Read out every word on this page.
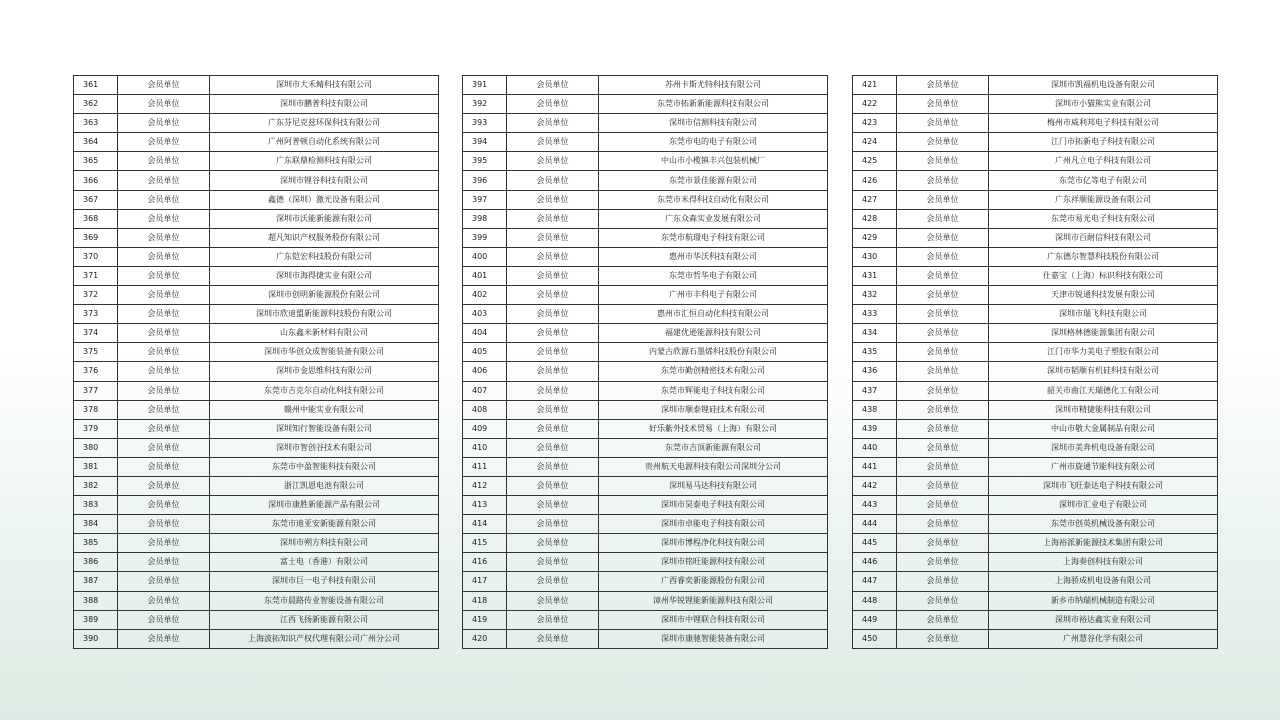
361	会员单位	深圳市大禾鲭科技有限公司
362	会员单位	深圳市鹏普科技有限公司
363	会员单位	广东芬尼克兹环保科技有限公司
364	会员单位	广州阿普顿自动化系统有限公司
365	会员单位	广东联鼎检测科技有限公司
366	会员单位	深圳市锂谷科技有限公司
367	会员单位	鑫德（深圳）激光设备有限公司
368	会员单位	深圳市沃能新能源有限公司
369	会员单位	超凡知识产权服务股份有限公司
370	会员单位	广东铠宏科技股份有限公司
371	会员单位	深圳市海得捷实业有限公司
372	会员单位	深圳市创明新能源股份有限公司
373	会员单位	深圳市欣迪盟新能源科技股份有限公司
374	会员单位	山东鑫米新材料有限公司
375	会员单位	深圳市华创众成智能装备有限公司
376	会员单位	深圳市金思维科技有限公司
377	会员单位	东莞市吉克尔自动化科技有限公司
378	会员单位	赣州中能实业有限公司
379	会员单位	深圳知行智能设备有限公司
380	会员单位	深圳市智创谷技术有限公司
381	会员单位	东莞市中盈智能科技有限公司
382	会员单位	浙江凯恩电池有限公司
383	会员单位	深圳市康胜新能源产品有限公司
384	会员单位	东莞市迪亚安新能源有限公司
385	会员单位	深圳市朔方科技有限公司
386	会员单位	富士电（香港）有限公司
387	会员单位	深圳市巨一电子科技有限公司
388	会员单位	东莞市晨路传业智能设备有限公司
389	会员单位	江西飞扬新能源有限公司
390	会员单位	上海波拓知识产权代理有限公司广州分公司
391	会员单位	苏州卡斯尤特科技有限公司
392	会员单位	东莞市拓新新能源科技有限公司
393	会员单位	深圳市信测科技有限公司
394	会员单位	东莞市电的电子有限公司
395	会员单位	中山市小榄镇丰兴包装机械厂
396	会员单位	东莞市景佳能源有限公司
397	会员单位	东莞市米得科技自动化有限公司
398	会员单位	广东众森实业发展有限公司
399	会员单位	东莞市航璟电子科技有限公司
400	会员单位	惠州市华沃科技有限公司
401	会员单位	东莞市哲华电子有限公司
402	会员单位	广州市丰科电子有限公司
403	会员单位	惠州市汇恒自动化科技有限公司
404	会员单位	福建优逊能源科技有限公司
405	会员单位	内蒙古欣源石墨烯科技股份有限公司
406	会员单位	东莞市勤创精密技术有限公司
407	会员单位	东莞市辉能电子科技有限公司
408	会员单位	深圳市顺泰锂硅技术有限公司
409	会员单位	好乐紫外技术贸易（上海）有限公司
410	会员单位	东莞市吉顶新能源有限公司
411	会员单位	贵州航天电源科技有限公司深圳分公司
412	会员单位	深圳易马达科技有限公司
413	会员单位	深圳市昊泰电子科技有限公司
414	会员单位	深圳市卓能电子科技有限公司
415	会员单位	深圳市博程净化科技有限公司
416	会员单位	深圳市铭旺能源科技有限公司
417	会员单位	广西睿奕新能源股份有限公司
418	会员单位	漳州华锐锂能新能源科技有限公司
419	会员单位	深圳市中锂联合科技有限公司
420	会员单位	深圳市康驰智能装备有限公司
421	会员单位	深圳市凯福机电设备有限公司
422	会员单位	深圳市小猫熊实业有限公司
423	会员单位	梅州市威利邦电子科技有限公司
424	会员单位	江门市拓新电子科技有限公司
425	会员单位	广州凡立电子科技有限公司
426	会员单位	东莞市亿等电子有限公司
427	会员单位	广东祥顺能源设备有限公司
428	会员单位	东莞市易光电子科技有限公司
429	会员单位	深圳市百耐信科技有限公司
430	会员单位	广东德尔智慧科技股份有限公司
431	会员单位	仕嘉宝（上海）标识科技有限公司
432	会员单位	天津市锐通科技发展有限公司
433	会员单位	深圳市瑞飞科技有限公司
434	会员单位	深圳格林德能源集团有限公司
435	会员单位	江门市华力美电子塑胶有限公司
436	会员单位	深圳市韬顺有机硅科技有限公司
437	会员单位	韶关市曲江天瑞德化工有限公司
438	会员单位	深圳市精捷能科技有限公司
439	会员单位	中山市敬大金属制品有限公司
440	会员单位	深圳市美奔机电设备有限公司
441	会员单位	广州市旋通节能科技有限公司
442	会员单位	深圳市飞旺泰达电子科技有限公司
443	会员单位	深圳市汇业电子有限公司
444	会员单位	东莞市创英机械设备有限公司
445	会员单位	上海裕派新能源技术集团有限公司
446	会员单位	上海奏创科技有限公司
447	会员单位	上海骄成机电设备有限公司
448	会员单位	新乡市纳瑞机械制造有限公司
449	会员单位	深圳市裕达鑫实业有限公司
450	会员单位	广州慧谷化学有限公司
